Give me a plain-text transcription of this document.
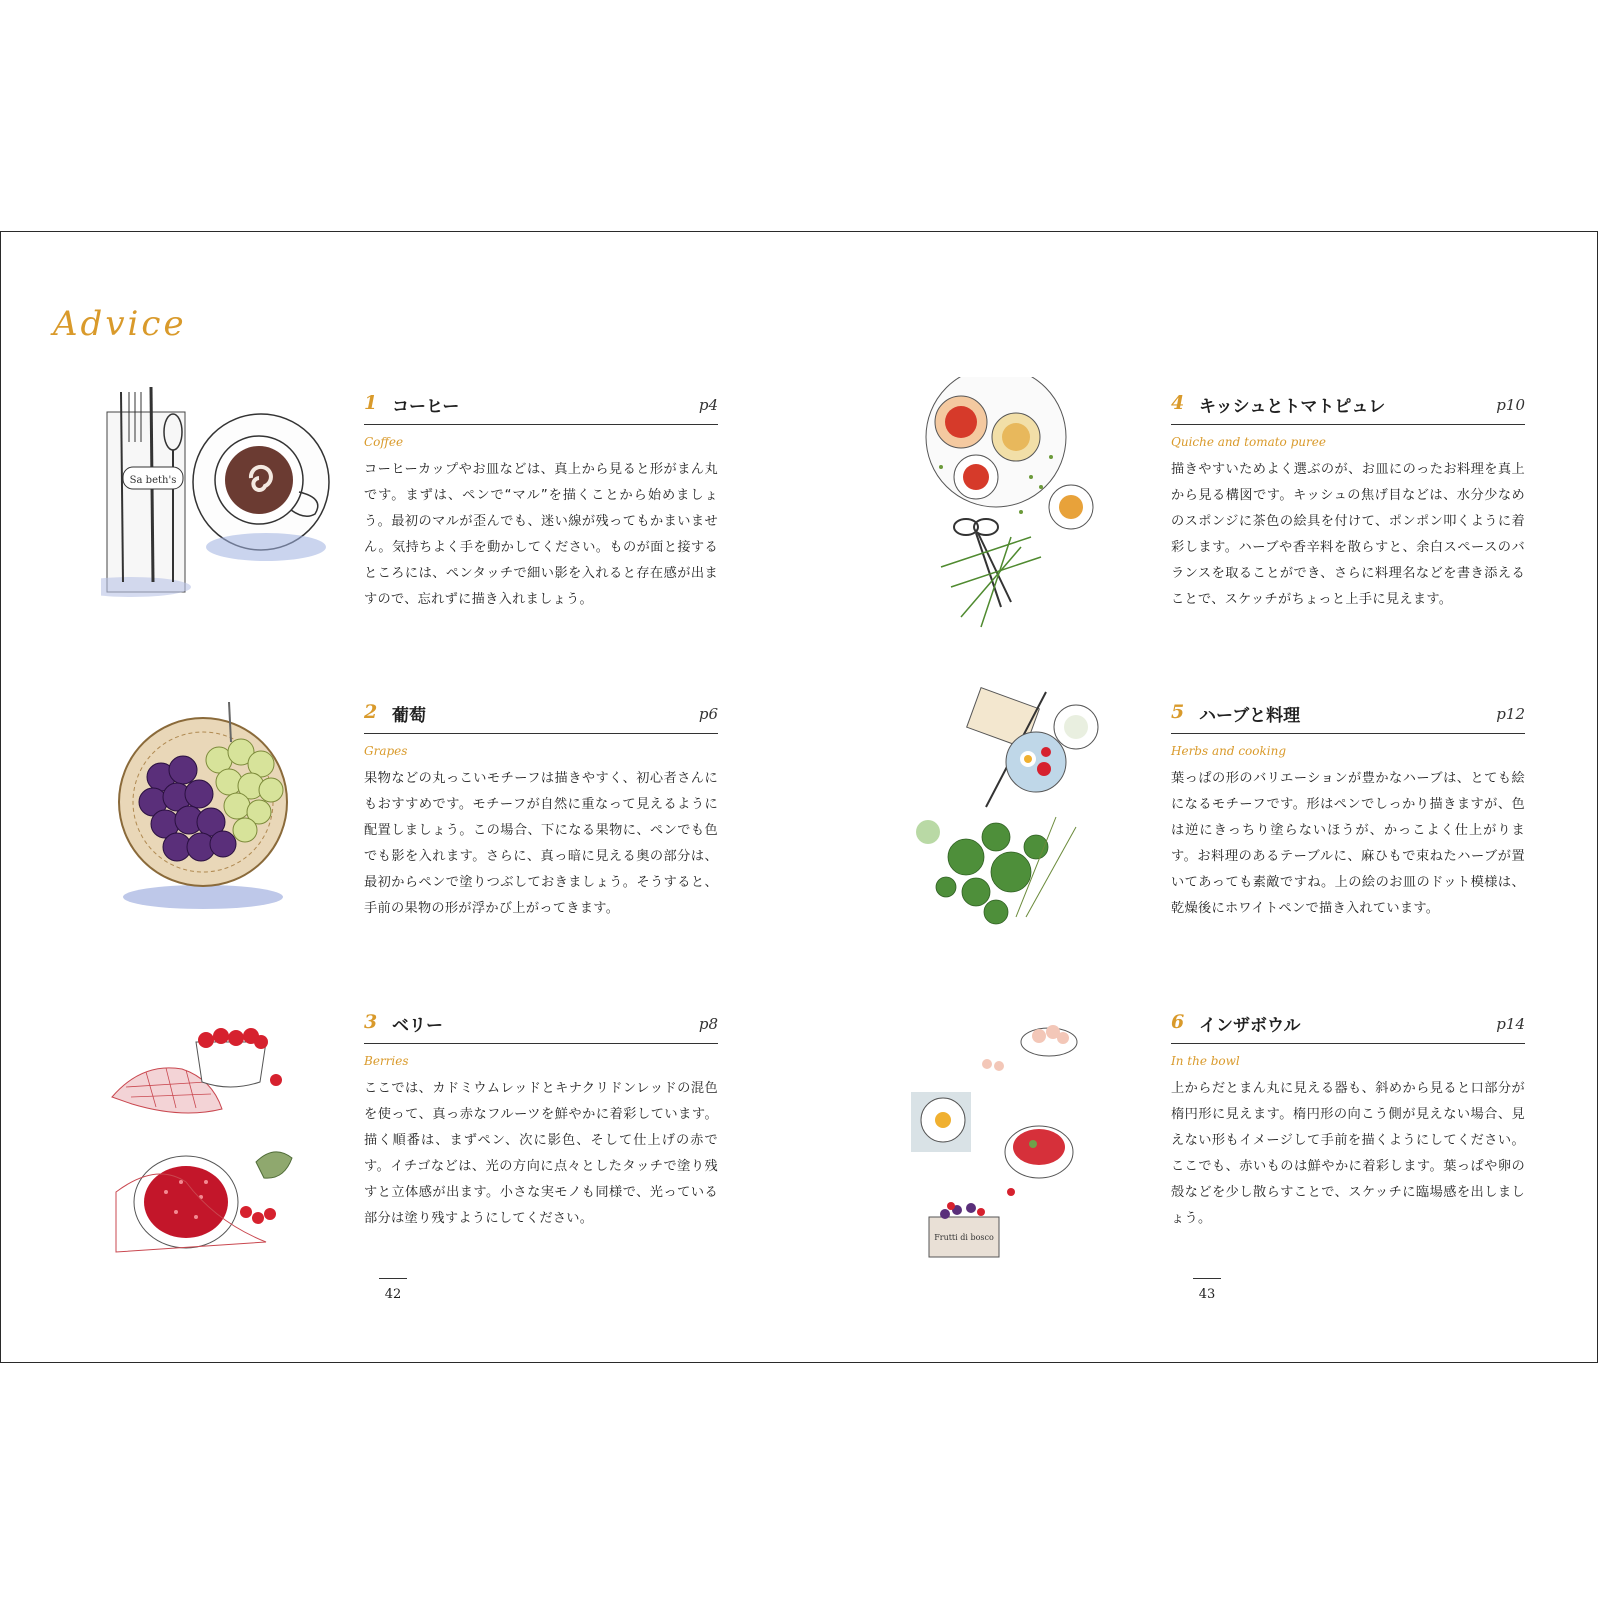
Advice
Sa beth's
Frutti di bosco
1 コーヒー	p4
Coffee
コーヒーカップやお皿などは、真上から見ると形がまん丸です。まずは、ペンで“マル”を描くことから始めましょう。最初のマルが歪んでも、迷い線が残ってもかまいません。気持ちよく手を動かしてください。ものが面と接するところには、ペンタッチで細い影を入れると存在感が出ますので、忘れずに描き入れましょう。
2 葡萄	p6
Grapes
果物などの丸っこいモチーフは描きやすく、初心者さんにもおすすめです。モチーフが自然に重なって見えるように配置しましょう。この場合、下になる果物に、ペンでも色でも影を入れます。さらに、真っ暗に見える奥の部分は、最初からペンで塗りつぶしておきましょう。そうすると、手前の果物の形が浮かび上がってきます。
3 ベリー	p8
Berries
ここでは、カドミウムレッドとキナクリドンレッドの混色を使って、真っ赤なフルーツを鮮やかに着彩しています。描く順番は、まずペン、次に影色、そして仕上げの赤です。イチゴなどは、光の方向に点々としたタッチで塗り残すと立体感が出ます。小さな実モノも同様で、光っている部分は塗り残すようにしてください。
4 キッシュとトマトピュレ	p10
Quiche and tomato puree
描きやすいためよく選ぶのが、お皿にのったお料理を真上から見る構図です。キッシュの焦げ目などは、水分少なめのスポンジに茶色の絵具を付けて、ポンポン叩くように着彩します。ハーブや香辛料を散らすと、余白スペースのバランスを取ることができ、さらに料理名などを書き添えることで、スケッチがちょっと上手に見えます。
5 ハーブと料理	p12
Herbs and cooking
葉っぱの形のバリエーションが豊かなハーブは、とても絵になるモチーフです。形はペンでしっかり描きますが、色は逆にきっちり塗らないほうが、かっこよく仕上がります。お料理のあるテーブルに、麻ひもで束ねたハーブが置いてあっても素敵ですね。上の絵のお皿のドット模様は、乾燥後にホワイトペンで描き入れています。
6 インザボウル	p14
In the bowl
上からだとまん丸に見える器も、斜めから見ると口部分が楕円形に見えます。楕円形の向こう側が見えない場合、見えない形もイメージして手前を描くようにしてください。ここでも、赤いものは鮮やかに着彩します。葉っぱや卵の殻などを少し散らすことで、スケッチに臨場感を出しましょう。
42	43
